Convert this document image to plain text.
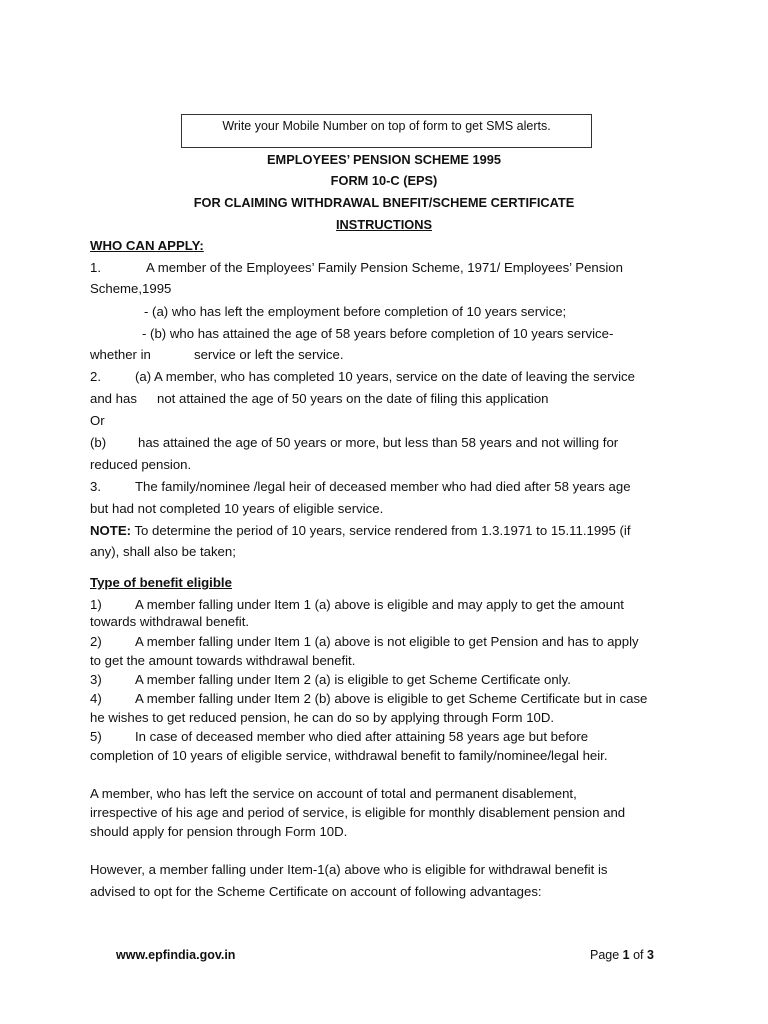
Write your Mobile Number on top of form to get SMS alerts.
EMPLOYEES’ PENSION SCHEME 1995
FORM 10-C (EPS)
FOR CLAIMING WITHDRAWAL BNEFIT/SCHEME CERTIFICATE
INSTRUCTIONS
WHO CAN APPLY:
1.	A member of the Employees’ Family Pension Scheme, 1971/ Employees’ Pension
Scheme,1995
- (a) who has left the employment before completion of 10 years service;
- (b) who has attained the age of 58 years before completion of 10 years service-
whether in	service or left the service.
2.	(a) A member, who has completed 10 years, service on the date of leaving the service
and has not attained the age of 50 years on the date of filing this application
Or
(b) has attained the age of 50 years or more, but less than 58 years and not willing for
reduced pension.
3.	The family/nominee /legal heir of deceased member who had died after 58 years age
but had not completed 10 years of eligible service.
NOTE: To determine the period of 10 years, service rendered from 1.3.1971 to 15.11.1995 (if
any), shall also be taken;
Type of benefit eligible
1)	A member falling under Item 1 (a) above is eligible and may apply to get the amount
towards withdrawal benefit.
2)	A member falling under Item 1 (a) above is not eligible to get Pension and has to apply
to get the amount towards withdrawal benefit.
3)	A member falling under Item 2 (a) is eligible to get Scheme Certificate only.
4)	A member falling under Item 2 (b) above is eligible to get Scheme Certificate but in case
he wishes to get reduced pension, he can do so by applying through Form 10D.
5)	In case of deceased member who died after attaining 58 years age but before
completion of 10 years of eligible service, withdrawal benefit to family/nominee/legal heir.
A member, who has left the service on account of total and permanent disablement,
irrespective of his age and period of service, is eligible for monthly disablement pension and
should apply for pension through Form 10D.
However, a member falling under Item-1(a) above who is eligible for withdrawal benefit is
advised to opt for the Scheme Certificate on account of following advantages:
www.epfindia.gov.in	Page 1 of 3
